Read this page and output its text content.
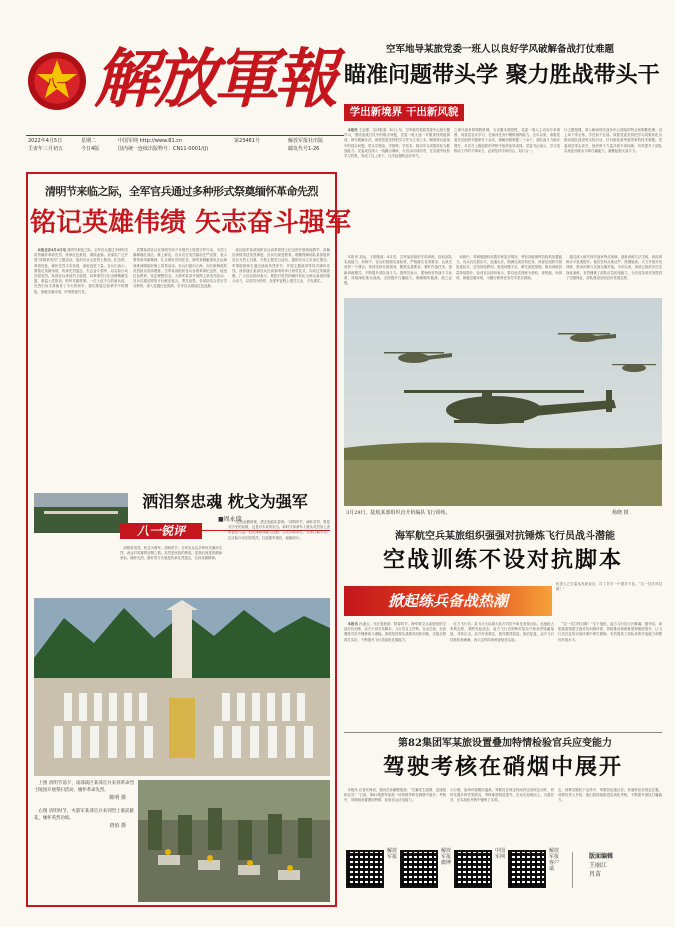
八一 解放軍報
2022年4月5日
壬寅年三月初五
星期二
今日4版
中国军网 http://www.81.cn
国内统一连续出版物号：CN11-0001/(J)
第23461号	解放军报社出版
邮发代号1-26
空军地导某旅党委一班人以良好学风破解备战打仗难题
瞄准问题带头学 聚力胜战带头干
学出新境界 干出新风貌
　本报讯 王志强、吴冲报道：4月上旬，空军地导某旅党委中心组专题学习，围绕备战打仗中的难点问题，党委一班人逐一对照查找短板弱项，研究破解办法。该旅党委坚持把学习作为立身之本，瞄准练兵备战中的现实问题，带头学理论、学指挥、学技术，推动学习成果转化为胜战能力。党委成员深入一线蹲点调研，与官兵同训同考，在实践中检验学习效果，形成了以上率下、比学赶超的良好风气。
之现代战争的制胜机理，为克服本领恐慌，党委一班人主动向专家请教，向基层官兵学习，在演训任务中锤炼指挥能力。去年以来，该旅党委先后组织专题研讨十余次，破解训练难题二十余个，部队战斗力稳步提升，多次在上级组织的考核中取得优异成绩。党委书记表示，学习是推动工作的不竭动力，必须坚持学用结合、知行合一。
行主题授课，深入解读现代战争中心理战的特点和制胜机理。以上率下带全体，学在前干在前。该旅党委坚持把学习成果转化为推动部队建设的实际行动，针对新装备列装带来的技术难题，党委成员带头攻关，组织骨干力量开展专项训练，有效提升了部队实战化训练水平和打赢能力，凝聚起强大战斗力。
清明节来临之际，全军官兵通过多种形式祭奠缅怀革命先烈
铭记英雄伟绩 矢志奋斗强军
　本报北京4月4日电 清明节来临之际，全军官兵通过多种形式祭奠缅怀革命先烈，传承红色基因，赓续血脉。各部队广泛开展“清明祭英烈”主题活动，组织官兵走进烈士陵园、纪念馆、革命旧址，缅怀先烈丰功伟绩，汲取奋进力量。官兵们表示，要铭记英雄伟绩，传承先烈遗志，矢志奋斗强军，以实际行动告慰英烈。某部官兵来到烈士陵园，向革命烈士纪念碑敬献花篮，重温入党誓词，聆听英雄故事。一位入伍不久的新兵说，先烈们用生命换来了今天的和平，我们要接过前辈手中的钢枪，练就过硬本领，时刻准备打仗。
　武警某部官兵在清明节前夕开展烈士陵园守护行动，为烈士墓碑描红清洁，献上鲜花。官兵们在英烈墓前庄严宣誓，表示要传承英雄精神，扎实做好各项任务。海军某舰艇部队在远海训练间隙组织海上祭奠活动，官兵们面向大海，向长眠海底的英烈致以崇高敬意。空军某部组织官兵参观革命纪念馆，接受红色教育，坚定理想信念。火箭军某部开展网上祭英烈活动，官兵们通过网络平台献花留言，寄托哀思。各部队结合党史学习教育，深入挖掘红色资源，引导官兵赓续红色血脉。
　战区陆军某部组织官兵到革命烈士纪念馆开展现地教学，讲解员深情讲述英烈事迹，官兵们深受教育。联勤保障部队某部组织官兵为烈士扫墓，开展主题党日活动，激励官兵立足岗位建功。军事院校师生通过诵读英烈家书、开展主题演讲等形式缅怀先烈。西部战区某部官兵在高原哨所举行祭奠仪式，向戍边英雄致敬。广大官兵纷纷表示，要把对英烈的缅怀转化为练兵备战的强大动力，以英烈为榜样，在强军征程上建功立业，不负重托。
洒泪祭忠魂 枕戈为强军
■周永瑞
八一锐评
　清明祭英烈，枕戈为强军。清明时节，全军官兵以多种形式缅怀先烈，表达对英雄的崇敬之情。英烈是民族的脊梁，是我们前进的精神坐标。缅怀先烈，最好的方式就是传承先烈遗志，弘扬英雄精神。
　“一腔热血勤珍重，洒去犹能化碧涛。”清明时节，缅怀英烈，既是对历史的致敬，也是对未来的担当。新时代革命军人要从英烈身上汲取奋进力量，把英雄精神融入血脉，立足本职岗位，苦练打赢本领，以实际行动告慰英烈，扛起强军重任，砥砺前行。
　上图 清明节前夕，南部战区某部官兵来到革命烈士陵园开展祭扫活动，缅怀革命先烈。
陈明 摄
　右图 清明时节，火箭军某部官兵来到烈士墓前献花，缅怀英烈功绩。
唐佰 摄
　本报讯 刘达、王明报道：4月初，空军某部组织专项训练，检验部队实战能力。训练中，官兵们按照实战标准，严格落实各项要求，认真完成每一个课目。该部坚持以战领训，聚焦实战要求，紧盯作战任务，创新训练模式，不断提升部队战斗力。指挥员表示，要始终坚持战斗力标准，持续深化练兵备战，全面提升打赢能力，确保随时能战、战之必胜。
　训练中，导调组随机设置多种复杂情况，考验各级指挥员临机处置能力。官兵们沉着应对，迅速反应，圆满完成各项任务。该部还组织开展复盘检讨，总结经验教训，查找问题不足，研究改进措施，推动训练质量持续提升。参训官兵纷纷表示，要以此次训练为契机，查短板、补弱项，练就过硬本领，为履行使命任务打牢坚实基础。
　通过深入研究现代战争特点规律，创新训练方法手段，该部训练水平显著提升。他们坚持从难从严、按纲施训，大力开展对抗训练，推动训练与实战无缝对接。今年以来，该部已组织多次实战化演练，有效锤炼了部队应急应战能力，为完成各项任务提供了坚强保证，部队建设呈现良好发展态势。
3月29日，陆航某部组织直升机编队飞行训练。	杨晓 摄
海军航空兵某旅组织强强对抗锤炼飞行员战斗潜能
空战训练不设对抗脚本
掀起练兵备战热潮
机进入己方雷达发射盲区，打了对手一个措手不及。“这一仗打得过瘾！”
　本报讯 孙凌云、马纪斐报道：阳春时节，海军航空兵某旅组织空战对抗训练，双方不设对抗脚本，飞行员自主决策、自由空战，在高强度对抗中锤炼战斗潜能。该旅坚持按实战要求组织训练，实施全程真打实抗，不断提升飞行员临机处置能力。
　红方飞行员、某飞行大队副大队长对抗中率先发现目标，迅速抢占有利态势，果断发起攻击。蓝方飞行员则利用复杂气象条件隐蔽接敌，寻机反击，双方你来我往，展开激烈较量。战后复盘，双方飞行员都收获满满，表示这样的训练更贴近实战。
　“这一仗打得过瘾！”走下战机，蓝方飞行员大汗淋漓。据介绍，该旅探索构建空战对抗训练体系，持续推动训练难度和强度提升，让飞行员在近似实战环境中摔打磨砺，有效提高了部队体系作战能力和整体作战水平。
第82集团军某旅设置叠加特情检验官兵应变能力
驾驶考核在硝烟中展开
　本报讯 记者安保成、通讯员孙鹏程报道：“右翼发生敌情，迅速组织应对！”日前，第82集团军某旅一场驾驶考核在硝烟中展开。考核中，导调组设置叠加特情，检验官兵应变能力。
大行驶，战场环境模拟逼真。驾驶员在规定时间内完成规定动作，同时处置多种突发情况，考核难度明显提升。官兵们迎难而上，沉着应对，在实战化考核中锤炼了本领。
击，指挥员随机下达命令，驾驶员迅速反应，快速机动至指定位置。该旅负责人介绍，他们将持续推进实战化考核，不断提升部队打赢能力。
解放军报
解放军报微博
中国军网
解放军报客户端
版面编辑
王丽江
肖苗
